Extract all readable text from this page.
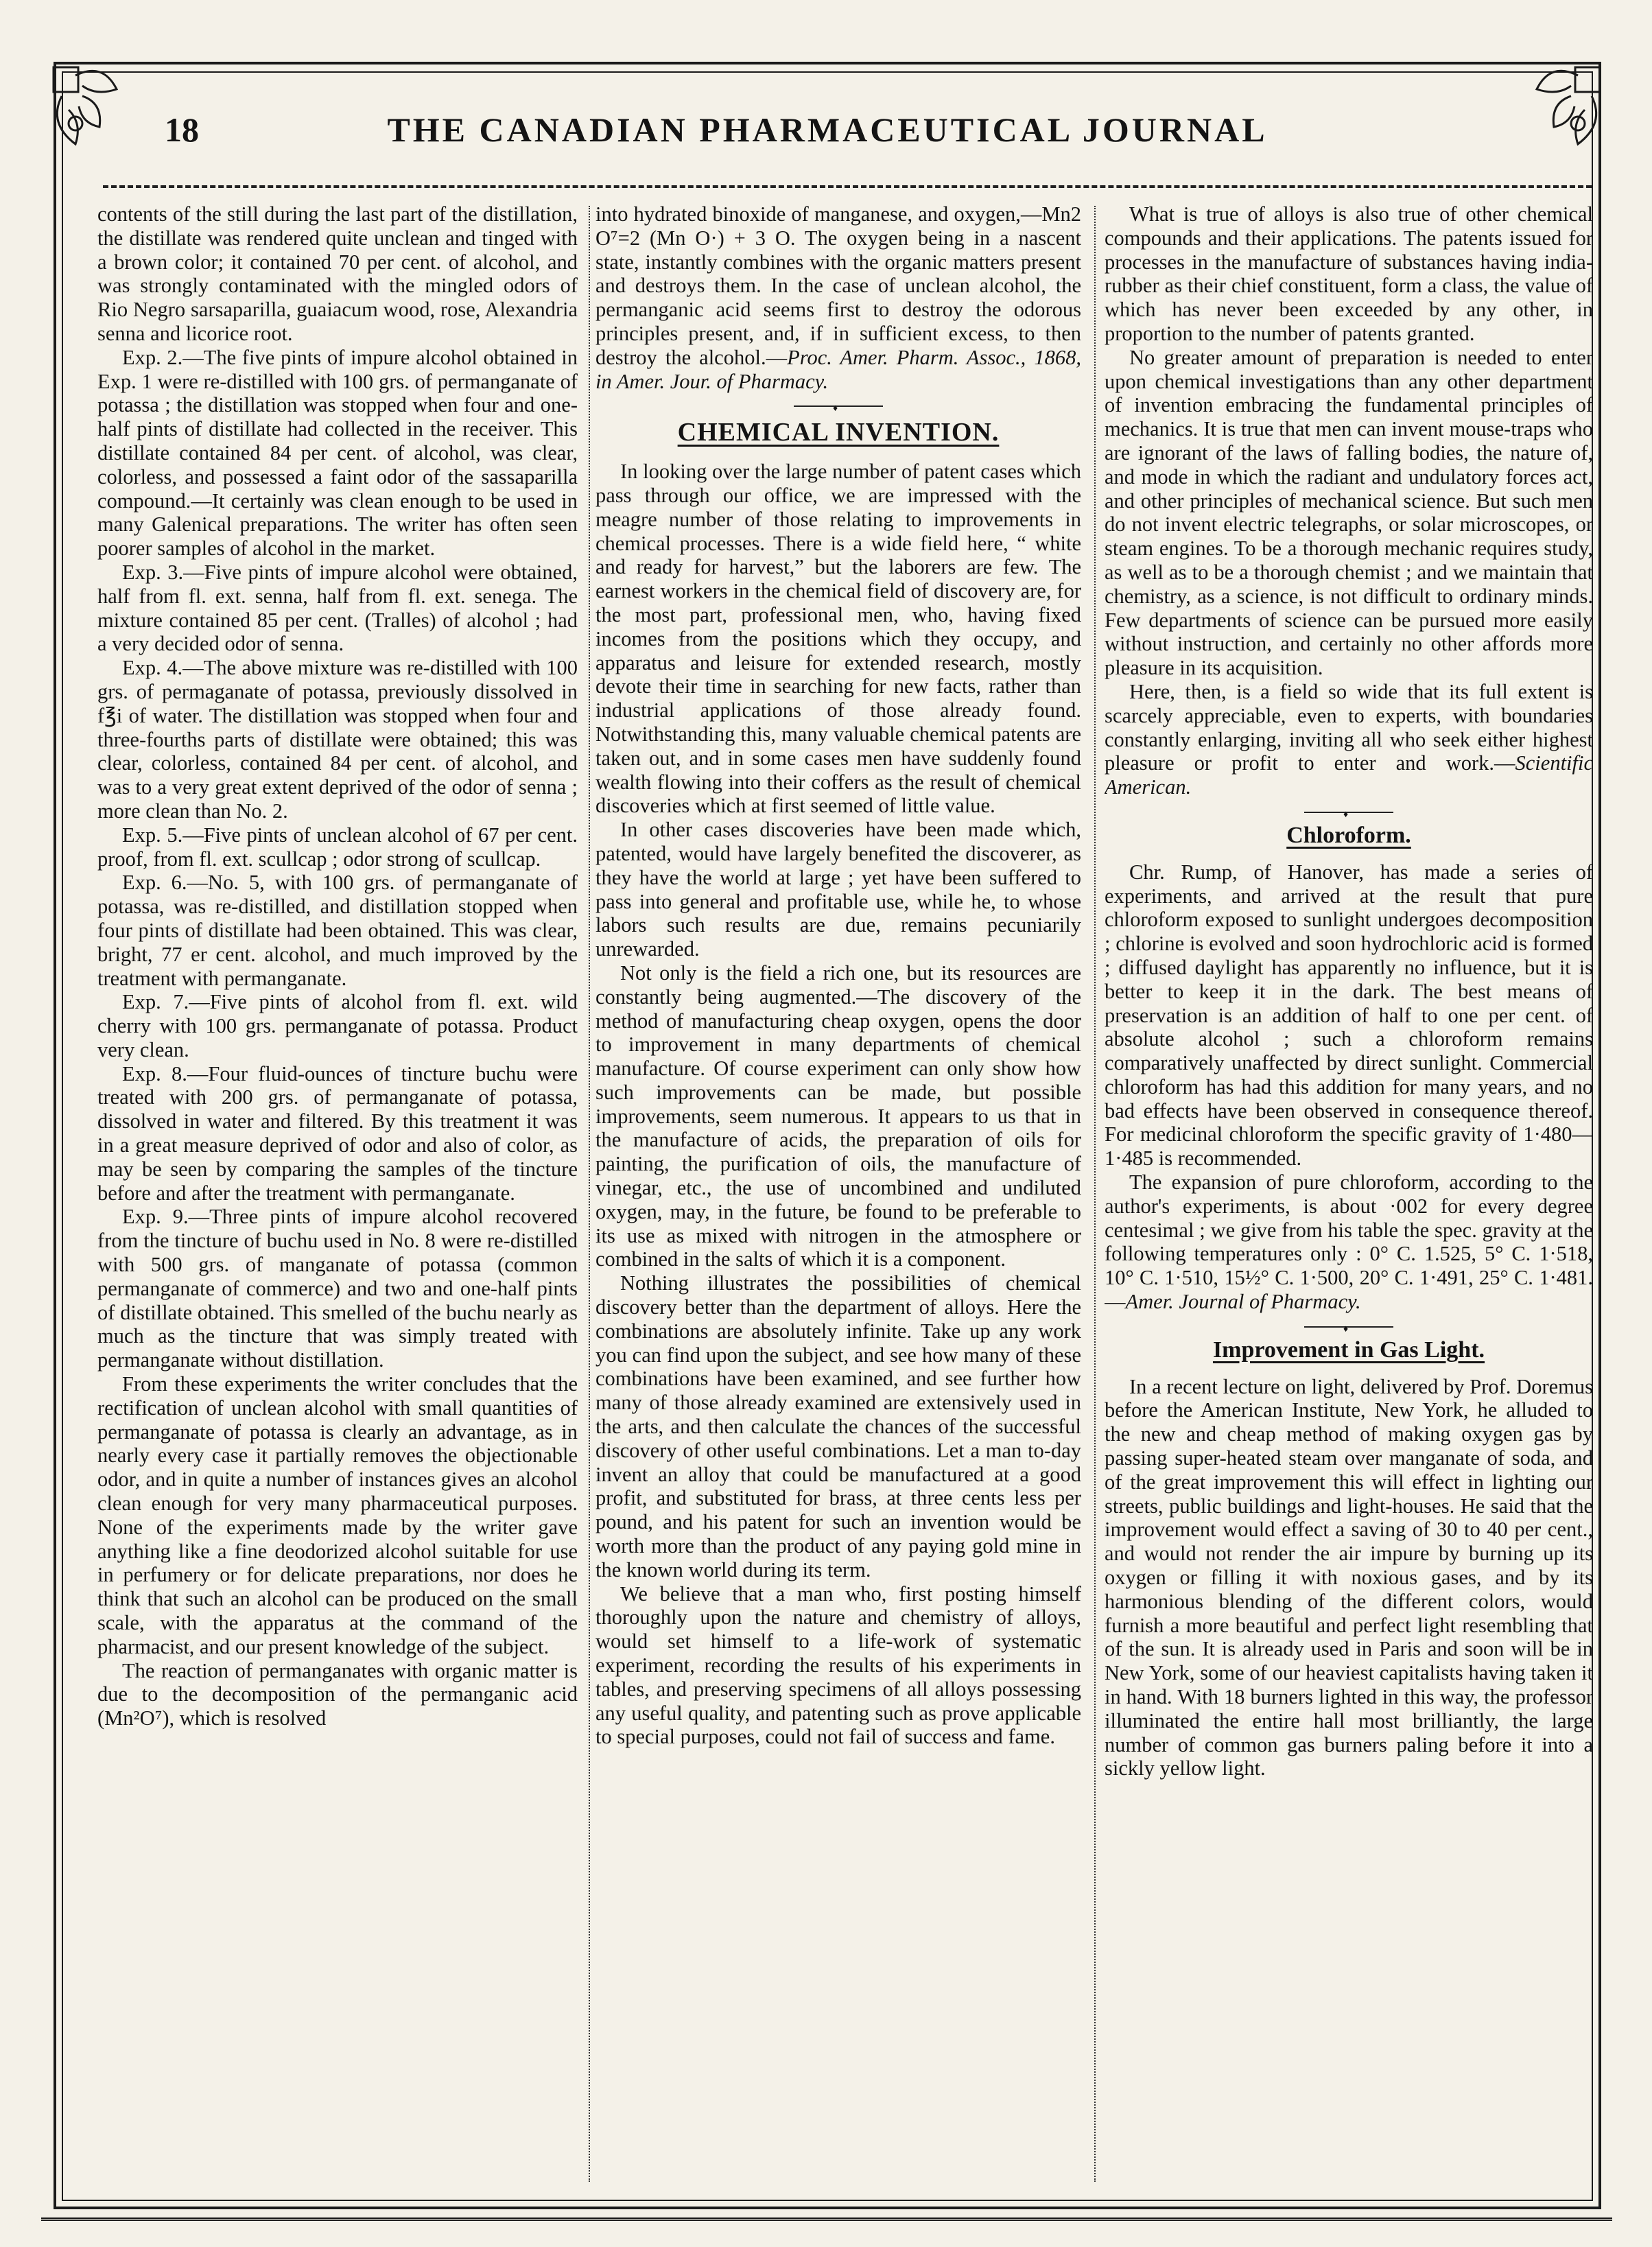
THE CANADIAN PHARMACEUTICAL JOURNAL
18

contents of the still during the last part of the distillation, the distillate was rendered quite unclean and tinged with a brown color; it contained 70 per cent. of alcohol, and was strongly contaminated with the mingled odors of Rio Negro sarsaparilla, guaiacum wood, rose, Alexandria senna and licorice root.

Exp. 2.—The five pints of impure alcohol obtained in Exp. 1 were re-distilled with 100 grs. of permanganate of potassa ; the distillation was stopped when four and one-half pints of distillate had collected in the receiver. This distillate contained 84 per cent. of alcohol, was clear, colorless, and possessed a faint odor of the sassaparilla compound.—It certainly was clean enough to be used in many Galenical preparations. The writer has often seen poorer samples of alcohol in the market.

Exp. 3.—Five pints of impure alcohol were obtained, half from fl. ext. senna, half from fl. ext. senega. The mixture contained 85 per cent. (Tralles) of alcohol ; had a very decided odor of senna.

Exp. 4.—The above mixture was re-distilled with 100 grs. of permaganate of potassa, previously dissolved in f℥i of water. The distillation was stopped when four and three-fourths parts of distillate were obtained; this was clear, colorless, contained 84 per cent. of alcohol, and was to a very great extent deprived of the odor of senna ; more clean than No. 2.

Exp. 5.—Five pints of unclean alcohol of 67 per cent. proof, from fl. ext. scullcap ; odor strong of scullcap.

Exp. 6.—No. 5, with 100 grs. of permanganate of potassa, was re-distilled, and distillation stopped when four pints of distillate had been obtained. This was clear, bright, 77 er cent. alcohol, and much improved by the treatment with permanganate.

Exp. 7.—Five pints of alcohol from fl. ext. wild cherry with 100 grs. permanganate of potassa. Product very clean.

Exp. 8.—Four fluid-ounces of tincture buchu were treated with 200 grs. of permanganate of potassa, dissolved in water and filtered. By this treatment it was in a great measure deprived of odor and also of color, as may be seen by comparing the samples of the tincture before and after the treatment with permanganate.

Exp. 9.—Three pints of impure alcohol recovered from the tincture of buchu used in No. 8 were re-distilled with 500 grs. of manganate of potassa (common permanganate of commerce) and two and one-half pints of distillate obtained. This smelled of the buchu nearly as much as the tincture that was simply treated with permanganate without distillation.

From these experiments the writer concludes that the rectification of unclean alcohol with small quantities of permanganate of potassa is clearly an advantage, as in nearly every case it partially removes the objectionable odor, and in quite a number of instances gives an alcohol clean enough for very many pharmaceutical purposes. None of the experiments made by the writer gave anything like a fine deodorized alcohol suitable for use in perfumery or for delicate preparations, nor does he think that such an alcohol can be produced on the small scale, with the apparatus at the command of the pharmacist, and our present knowledge of the subject.

The reaction of permanganates with organic matter is due to the decomposition of the permanganic acid (Mn²O⁷), which is resolved

into hydrated binoxide of manganese, and oxygen,—Mn2 O⁷=2 (Mn O·) + 3 O. The oxygen being in a nascent state, instantly combines with the organic matters present and destroys them. In the case of unclean alcohol, the permanganic acid seems first to destroy the odorous principles present, and, if in sufficient excess, to then destroy the alcohol.—Proc. Amer. Pharm. Assoc., 1868, in Amer. Jour. of Pharmacy.

♦
CHEMICAL INVENTION.

In looking over the large number of patent cases which pass through our office, we are impressed with the meagre number of those relating to improvements in chemical processes. There is a wide field here, “ white and ready for harvest,” but the laborers are few. The earnest workers in the chemical field of discovery are, for the most part, professional men, who, having fixed incomes from the positions which they occupy, and apparatus and leisure for extended research, mostly devote their time in searching for new facts, rather than industrial applications of those already found. Notwithstanding this, many valuable chemical patents are taken out, and in some cases men have suddenly found wealth flowing into their coffers as the result of chemical discoveries which at first seemed of little value.

In other cases discoveries have been made which, patented, would have largely benefited the discoverer, as they have the world at large ; yet have been suffered to pass into general and profitable use, while he, to whose labors such results are due, remains pecuniarily unrewarded.

Not only is the field a rich one, but its resources are constantly being augmented.—The discovery of the method of manufacturing cheap oxygen, opens the door to improvement in many departments of chemical manufacture. Of course experiment can only show how such improvements can be made, but possible improvements, seem numerous. It appears to us that in the manufacture of acids, the preparation of oils for painting, the purification of oils, the manufacture of vinegar, etc., the use of uncombined and undiluted oxygen, may, in the future, be found to be preferable to its use as mixed with nitrogen in the atmosphere or combined in the salts of which it is a component.

Nothing illustrates the possibilities of chemical discovery better than the department of alloys. Here the combinations are absolutely infinite. Take up any work you can find upon the subject, and see how many of these combinations have been examined, and see further how many of those already examined are extensively used in the arts, and then calculate the chances of the successful discovery of other useful combinations. Let a man to-day invent an alloy that could be manufactured at a good profit, and substituted for brass, at three cents less per pound, and his patent for such an invention would be worth more than the product of any paying gold mine in the known world during its term.

We believe that a man who, first posting himself thoroughly upon the nature and chemistry of alloys, would set himself to a life-work of systematic experiment, recording the results of his experiments in tables, and preserving specimens of all alloys possessing any useful quality, and patenting such as prove applicable to special purposes, could not fail of success and fame.

What is true of alloys is also true of other chemical compounds and their applications. The patents issued for processes in the manufacture of substances having india-rubber as their chief constituent, form a class, the value of which has never been exceeded by any other, in proportion to the number of patents granted.

No greater amount of preparation is needed to enter upon chemical investigations than any other department of invention embracing the fundamental principles of mechanics. It is true that men can invent mouse-traps who are ignorant of the laws of falling bodies, the nature of, and mode in which the radiant and undulatory forces act, and other principles of mechanical science. But such men do not invent electric telegraphs, or solar microscopes, or steam engines. To be a thorough mechanic requires study, as well as to be a thorough chemist ; and we maintain that chemistry, as a science, is not difficult to ordinary minds. Few departments of science can be pursued more easily without instruction, and certainly no other affords more pleasure in its acquisition.

Here, then, is a field so wide that its full extent is scarcely appreciable, even to experts, with boundaries constantly enlarging, inviting all who seek either highest pleasure or profit to enter and work.—Scientific American.

♦
Chloroform.

Chr. Rump, of Hanover, has made a series of experiments, and arrived at the result that pure chloroform exposed to sunlight undergoes decomposition ; chlorine is evolved and soon hydrochloric acid is formed ; diffused daylight has apparently no influence, but it is better to keep it in the dark. The best means of preservation is an addition of half to one per cent. of absolute alcohol ; such a chloroform remains comparatively unaffected by direct sunlight. Commercial chloroform has had this addition for many years, and no bad effects have been observed in consequence thereof. For medicinal chloroform the specific gravity of 1·480—1·485 is recommended.

The expansion of pure chloroform, according to the author's experiments, is about ·002 for every degree centesimal ; we give from his table the spec. gravity at the following temperatures only : 0° C. 1.525, 5° C. 1·518, 10° C. 1·510, 15½° C. 1·500, 20° C. 1·491, 25° C. 1·481.—Amer. Journal of Pharmacy.

♦
Improvement in Gas Light.

In a recent lecture on light, delivered by Prof. Doremus before the American Institute, New York, he alluded to the new and cheap method of making oxygen gas by passing super-heated steam over manganate of soda, and of the great improvement this will effect in lighting our streets, public buildings and light-houses. He said that the improvement would effect a saving of 30 to 40 per cent., and would not render the air impure by burning up its oxygen or filling it with noxious gases, and by its harmonious blending of the different colors, would furnish a more beautiful and perfect light resembling that of the sun. It is already used in Paris and soon will be in New York, some of our heaviest capitalists having taken it in hand. With 18 burners lighted in this way, the professor illuminated the entire hall most brilliantly, the large number of common gas burners paling before it into a sickly yellow light.
